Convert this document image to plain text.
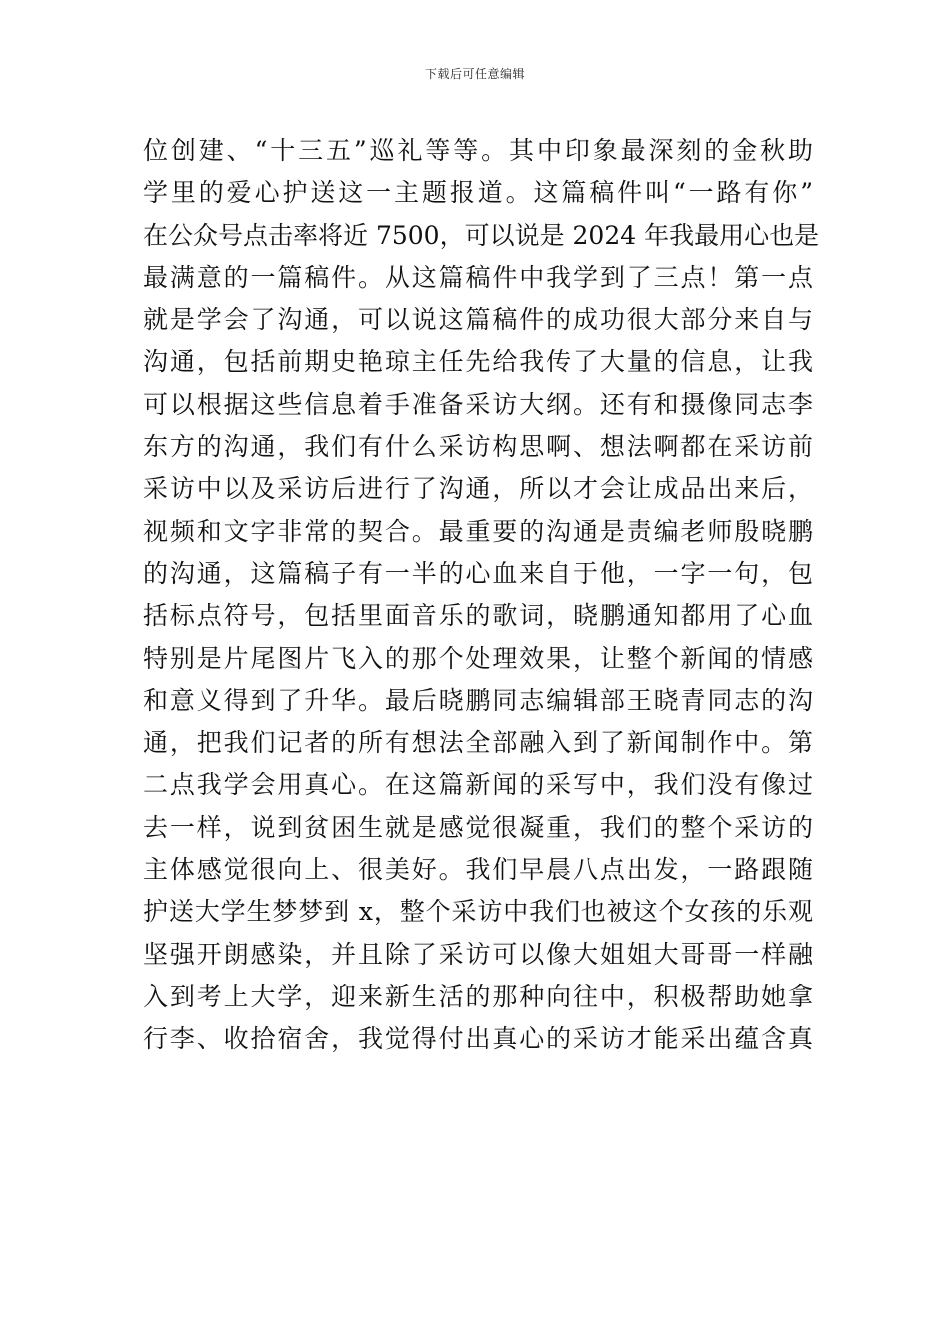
下载后可任意编辑
位创建、“十三五”巡礼等等。其中印象最深刻的金秋助
学里的爱心护送这一主题报道。这篇稿件叫“一路有你”
在公众号点击率将近 7500，可以说是 2024 年我最用心也是
最满意的一篇稿件。从这篇稿件中我学到了三点！第一点
就是学会了沟通，可以说这篇稿件的成功很大部分来自与
沟通，包括前期史艳琼主任先给我传了大量的信息，让我
可以根据这些信息着手准备采访大纲。还有和摄像同志李
东方的沟通，我们有什么采访构思啊、想法啊都在采访前
采访中以及采访后进行了沟通，所以才会让成品出来后，
视频和文字非常的契合。最重要的沟通是责编老师殷晓鹏
的沟通，这篇稿子有一半的心血来自于他，一字一句，包
括标点符号，包括里面音乐的歌词，晓鹏通知都用了心血
特别是片尾图片飞入的那个处理效果，让整个新闻的情感
和意义得到了升华。最后晓鹏同志编辑部王晓青同志的沟
通，把我们记者的所有想法全部融入到了新闻制作中。第
二点我学会用真心。在这篇新闻的采写中，我们没有像过
去一样，说到贫困生就是感觉很凝重，我们的整个采访的
主体感觉很向上、很美好。我们早晨八点出发，一路跟随
护送大学生梦梦到 x，整个采访中我们也被这个女孩的乐观
坚强开朗感染，并且除了采访可以像大姐姐大哥哥一样融
入到考上大学，迎来新生活的那种向往中，积极帮助她拿
行李、收拾宿舍，我觉得付出真心的采访才能采出蕴含真
